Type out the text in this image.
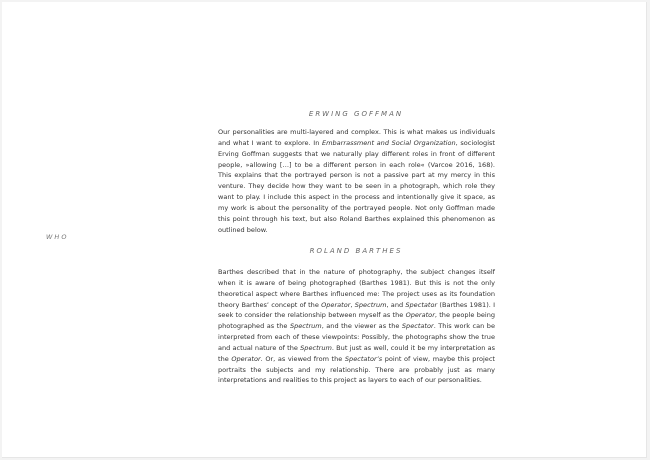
WHO
ERWING GOFFMAN
Our personalities are multi-layered and complex. This is what makes us individuals and what I want to explore. In Embarrassment and Social Organization, sociologist Erving Goffman suggests that we naturally play different roles in front of different people, »allowing […] to be a different person in each role« (Varcoe 2016, 168). This explains that the portrayed person is not a passive part at my mercy in this venture. They decide how they want to be seen in a photograph, which role they want to play. I include this aspect in the process and intentionally give it space, as my work is about the personality of the portrayed people. Not only Goffman made this point through his text, but also Roland Barthes explained this phenomenon as outlined below.
ROLAND BARTHES
Barthes described that in the nature of photography, the subject changes itself when it is aware of being photographed (Barthes 1981). But this is not the only theoretical aspect where Barthes influenced me: The project uses as its foundation theory Barthes’ concept of the Operator, Spectrum, and Spectator (Barthes 1981). I seek to consider the relationship between myself as the Operator, the people being photographed as the Spectrum, and the viewer as the Spectator. This work can be interpreted from each of these viewpoints: Possibly, the photographs show the true and actual nature of the Spectrum. But just as well, could it be my interpretation as the Operator. Or, as viewed from the Spectator’s point of view, maybe this project portraits the subjects and my relationship. There are probably just as many interpretations and realities to this project as layers to each of our personalities.
